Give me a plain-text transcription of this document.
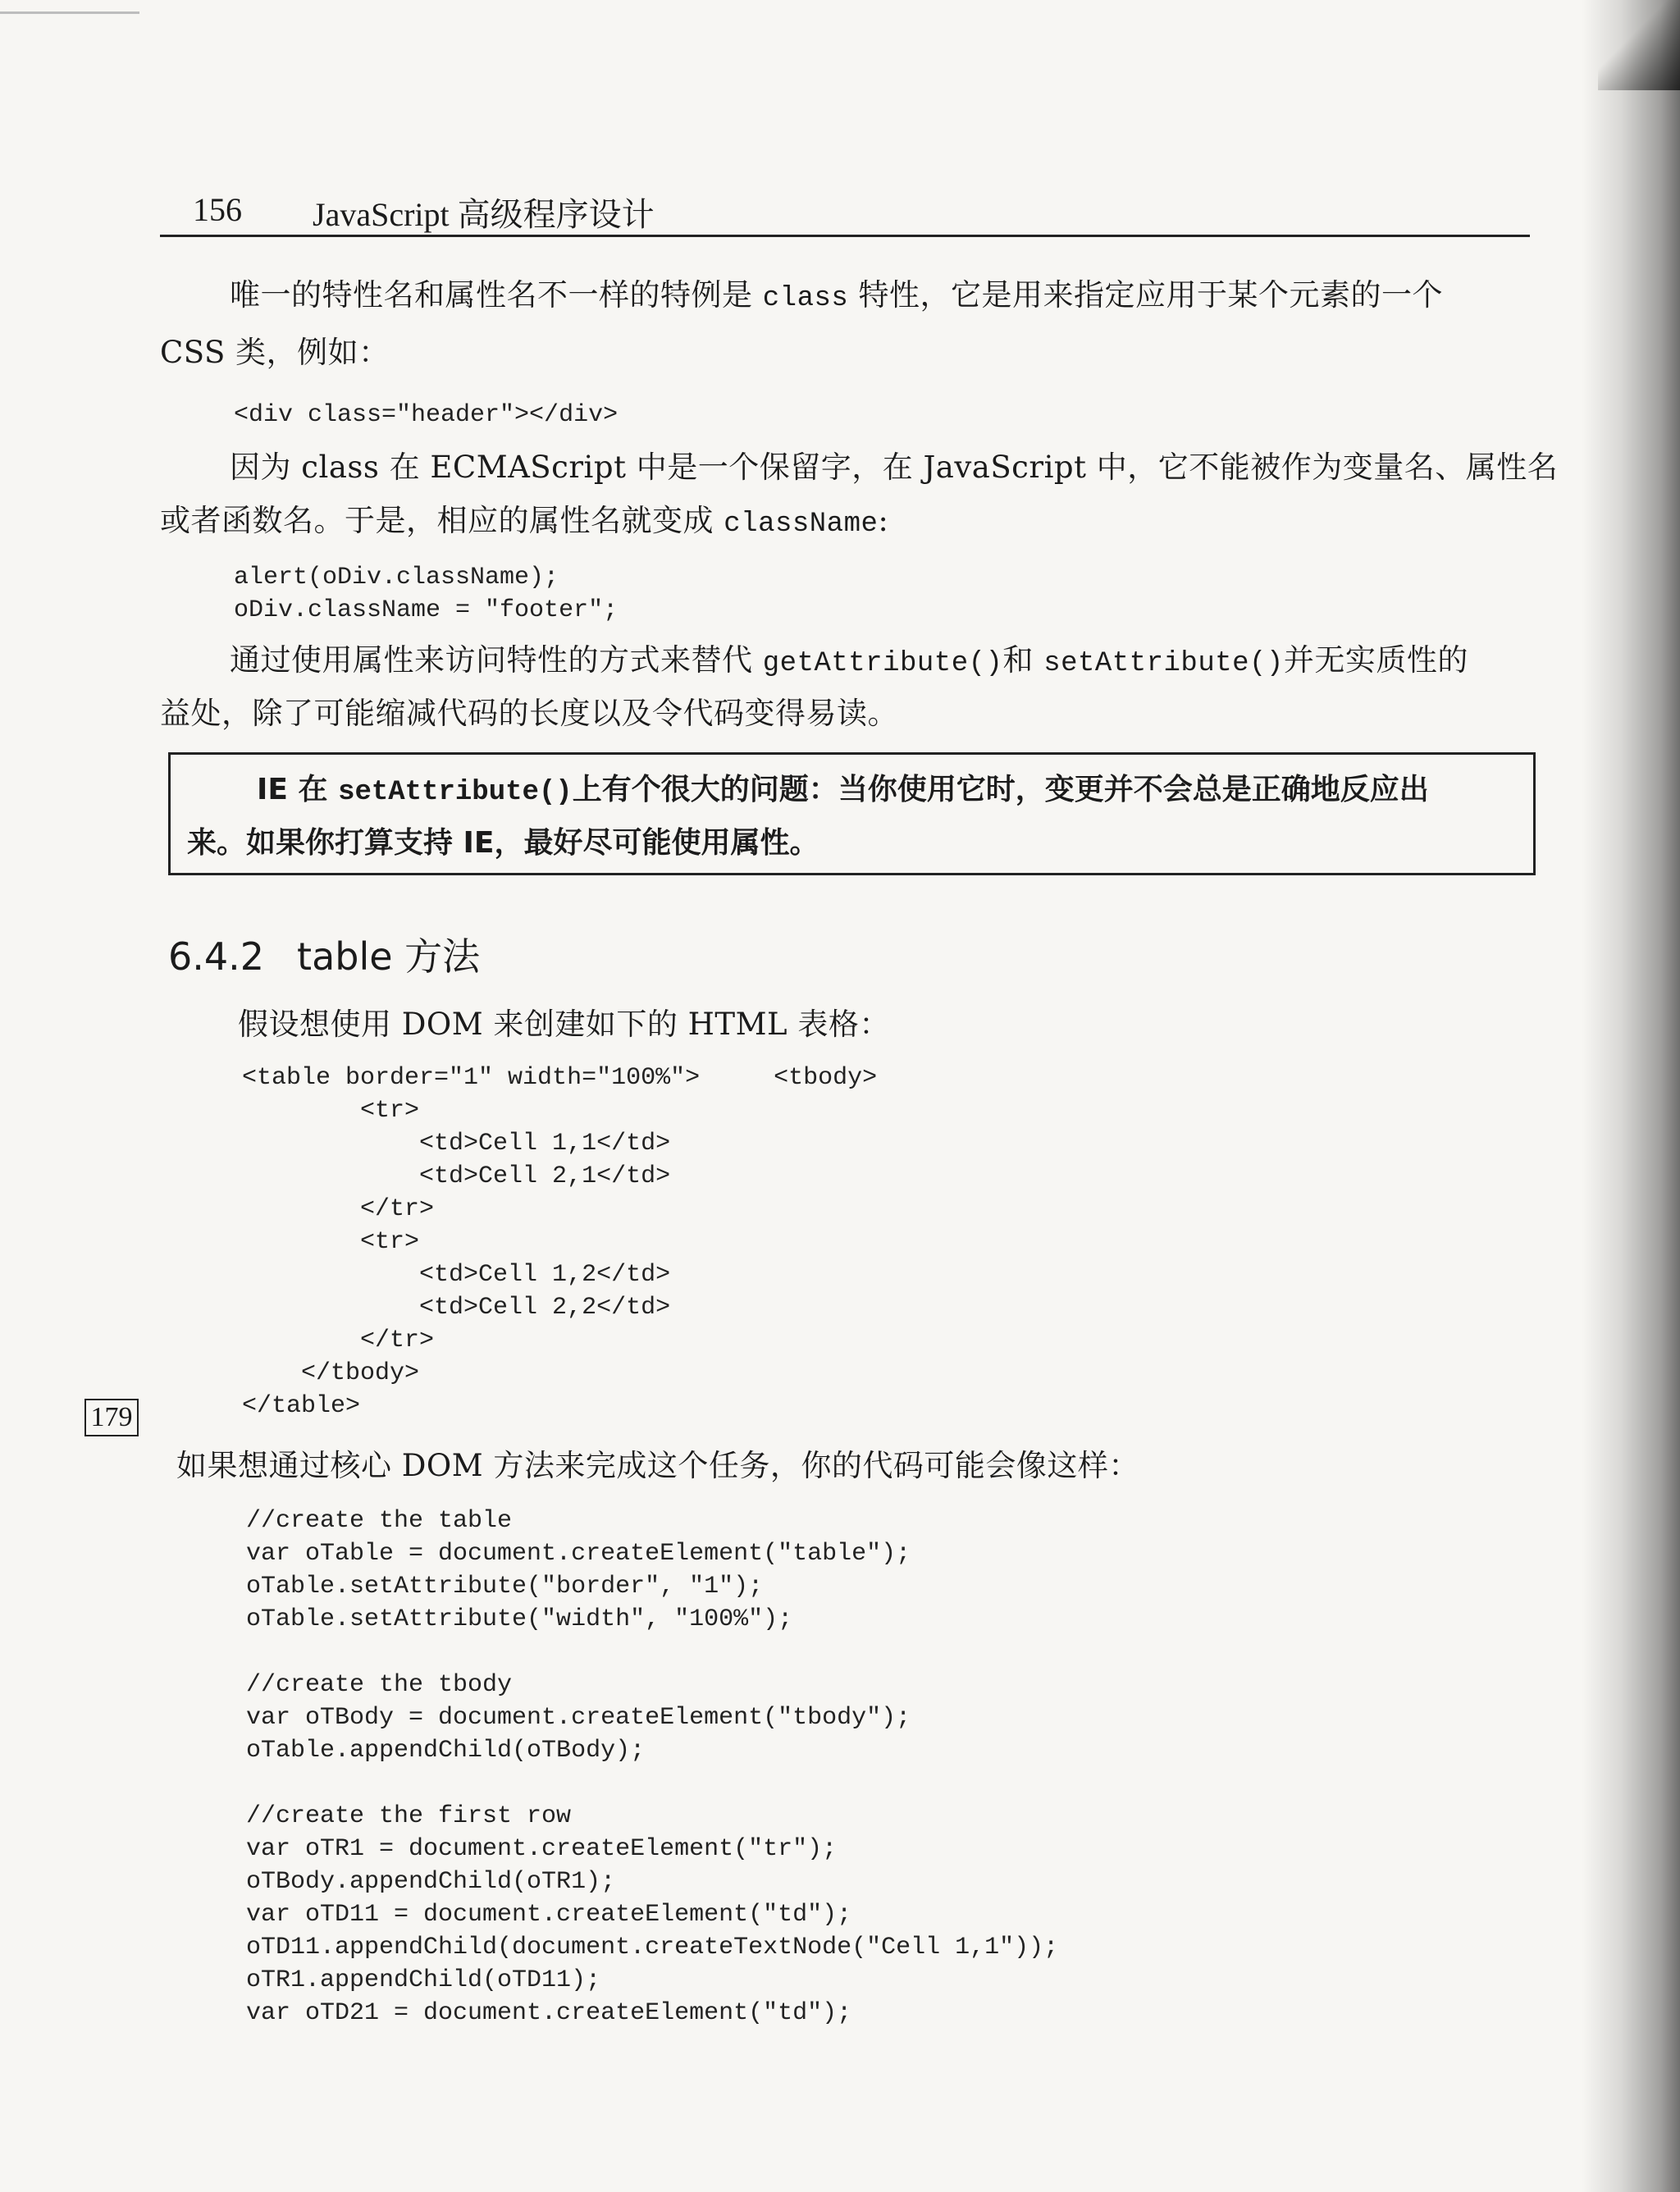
156 JavaScript 高级程序设计
唯一的特性名和属性名不一样的特例是 class 特性，它是用来指定应用于某个元素的一个
CSS 类，例如：
<div class="header"></div>
因为 class 在 ECMAScript 中是一个保留字，在 JavaScript 中，它不能被作为变量名、属性名
或者函数名。于是，相应的属性名就变成 className:
alert(oDiv.className);
oDiv.className = "footer";
通过使用属性来访问特性的方式来替代 getAttribute()和 setAttribute()并无实质性的
益处，除了可能缩减代码的长度以及令代码变得易读。
IE 在 setAttribute()上有个很大的问题：当你使用它时，变更并不会总是正确地反应出
来。如果你打算支持 IE，最好尽可能使用属性。
6.4.2 table 方法
假设想使用 DOM 来创建如下的 HTML 表格：
<table border="1" width="100%">     <tbody>
<tr>
<td>Cell 1,1</td>
<td>Cell 2,1</td>
</tr>
<tr>
<td>Cell 1,2</td>
<td>Cell 2,2</td>
</tr>
</tbody>
</table>
179
如果想通过核心 DOM 方法来完成这个任务，你的代码可能会像这样：
//create the table
var oTable = document.createElement("table");
oTable.setAttribute("border", "1");
oTable.setAttribute("width", "100%");

//create the tbody
var oTBody = document.createElement("tbody");
oTable.appendChild(oTBody);

//create the first row
var oTR1 = document.createElement("tr");
oTBody.appendChild(oTR1);
var oTD11 = document.createElement("td");
oTD11.appendChild(document.createTextNode("Cell 1,1"));
oTR1.appendChild(oTD11);
var oTD21 = document.createElement("td");
